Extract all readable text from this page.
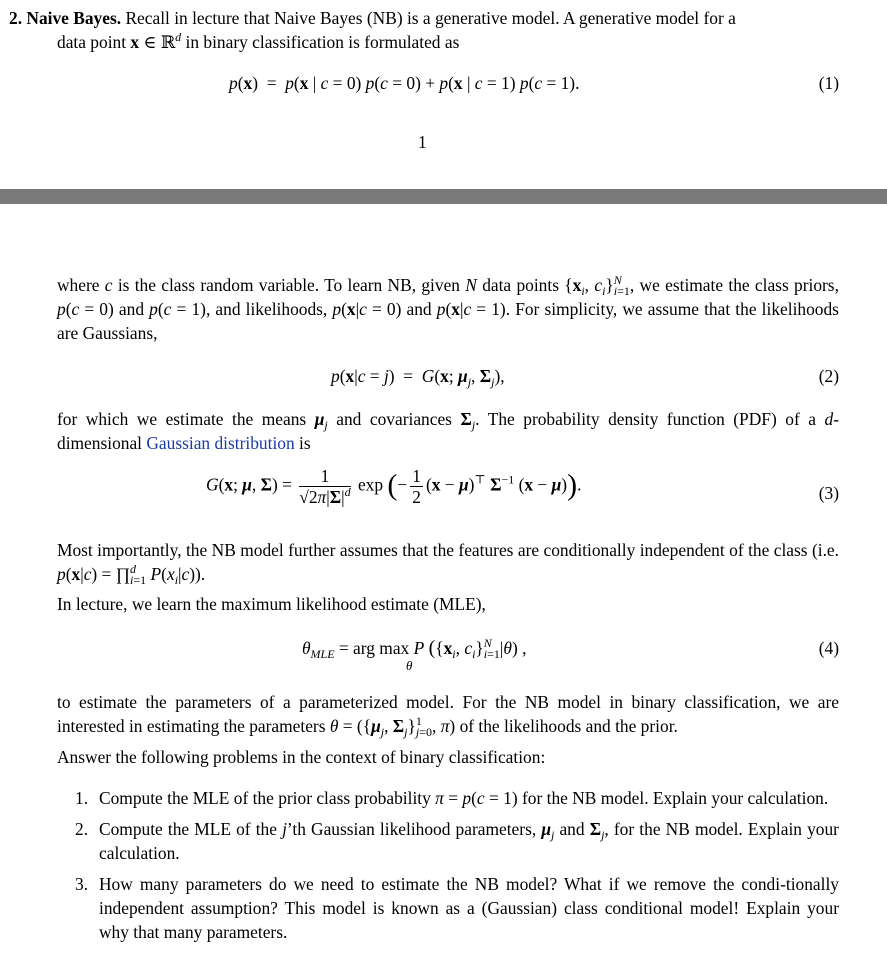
2. Naive Bayes. Recall in lecture that Naive Bayes (NB) is a generative model. A generative model for a
data point x ∈ ℝ$^d$ in binary classification is formulated as
p(x)  =  p(x | c = 0) p(c = 0) + p(x | c = 1) p(c = 1).	(1)
1
where c is the class random variable. To learn NB, given N data points {$x_i$, $c_i\}^N_{i=1}$, we estimate the class priors, p(c = 0) and p(c = 1), and likelihoods, p(x|c = 0) and p(x|c = 1). For simplicity, we assume that the likelihoods are Gaussians,
p(x|c = j)  =  G(x; $\mu_j$, $\Sigma_j$),	(2)
for which we estimate the means $\mu_j$ and covariances $\Sigma_j$. The probability density function (PDF) of a d-dimensional Gaussian distribution is
G(x; μ, $\Sigma) = \frac{1}{√2\pi|\Sigma|^d}$ exp (− $\frac{1}{2} (x - \mu)^⊤$ $\Sigma^{-1}$ (x − μ)).	(3)
Most importantly, the NB model further assumes that the features are conditionally independent of the class (i.e. p(x|c) = ∏$^d_{i=1}$ $P(x_i|c)$).
In lecture, we learn the maximum likelihood estimate (MLE),
$\theta_{MLE}$ = arg max P ({$x_i$, $c_i\}^N_{i=1}|\theta$) ,
θ
(4)
to estimate the parameters of a parameterized model. For the NB model in binary classification, we are interested in estimating the parameters $\theta = (\{\mu_j$, $\Sigma_j\}^1_{j=0}$, π) of the likelihoods and the prior.
Answer the following problems in the context of binary classification:
1. Compute the MLE of the prior class probability π = p(c = 1) for the NB model. Explain your calculation.
2. Compute the MLE of the j’th Gaussian likelihood parameters, $\mu_j$ and $\Sigma_j$, for the NB model. Explain your calculation.
3. How many parameters do we need to estimate the NB model? What if we remove the condi-tionally independent assumption? This model is known as a (Gaussian) class conditional model! Explain your why that many parameters.
